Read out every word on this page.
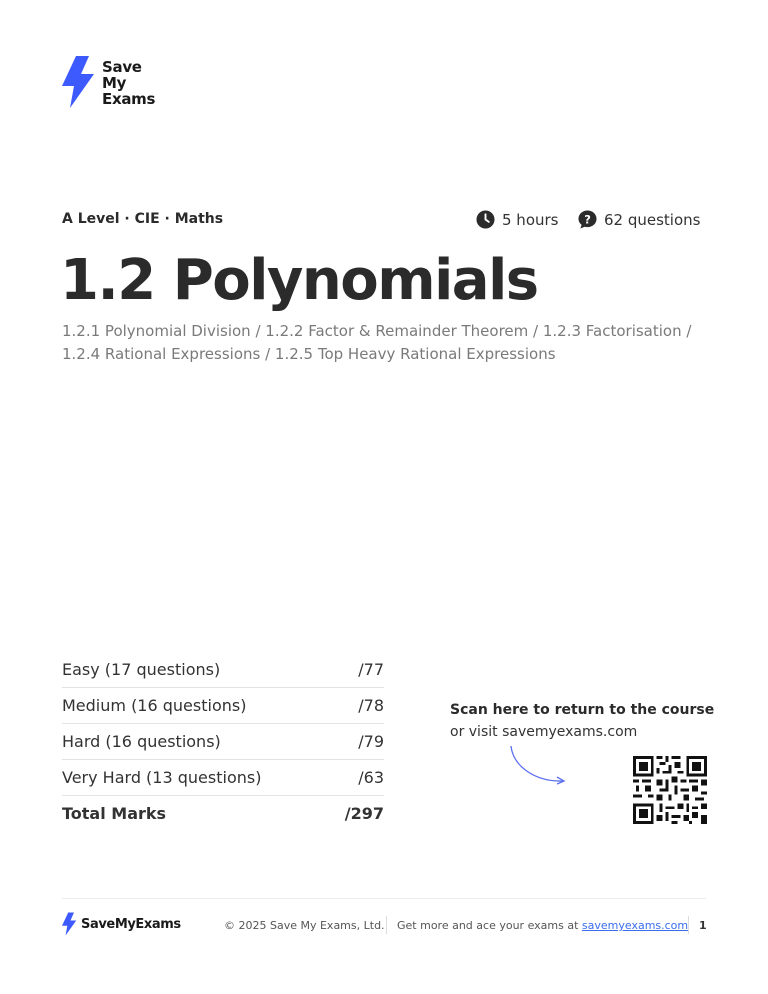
Save
My
Exams
A Level · CIE · Maths	5 hours ? 62 questions
1.2 Polynomials
1.2.1 Polynomial Division / 1.2.2 Factor & Remainder Theorem / 1.2.3 Factorisation / 1.2.4 Rational Expressions / 1.2.5 Top Heavy Rational Expressions
Easy (17 questions)	/77
Medium (16 questions)	/78
Hard (16 questions)	/79
Very Hard (13 questions)	/63
Total Marks	/297
Scan here to return to the course
or visit savemyexams.com
SaveMyExams	© 2025 Save My Exams, Ltd. Get more and ace your exams at savemyexams.com 1
